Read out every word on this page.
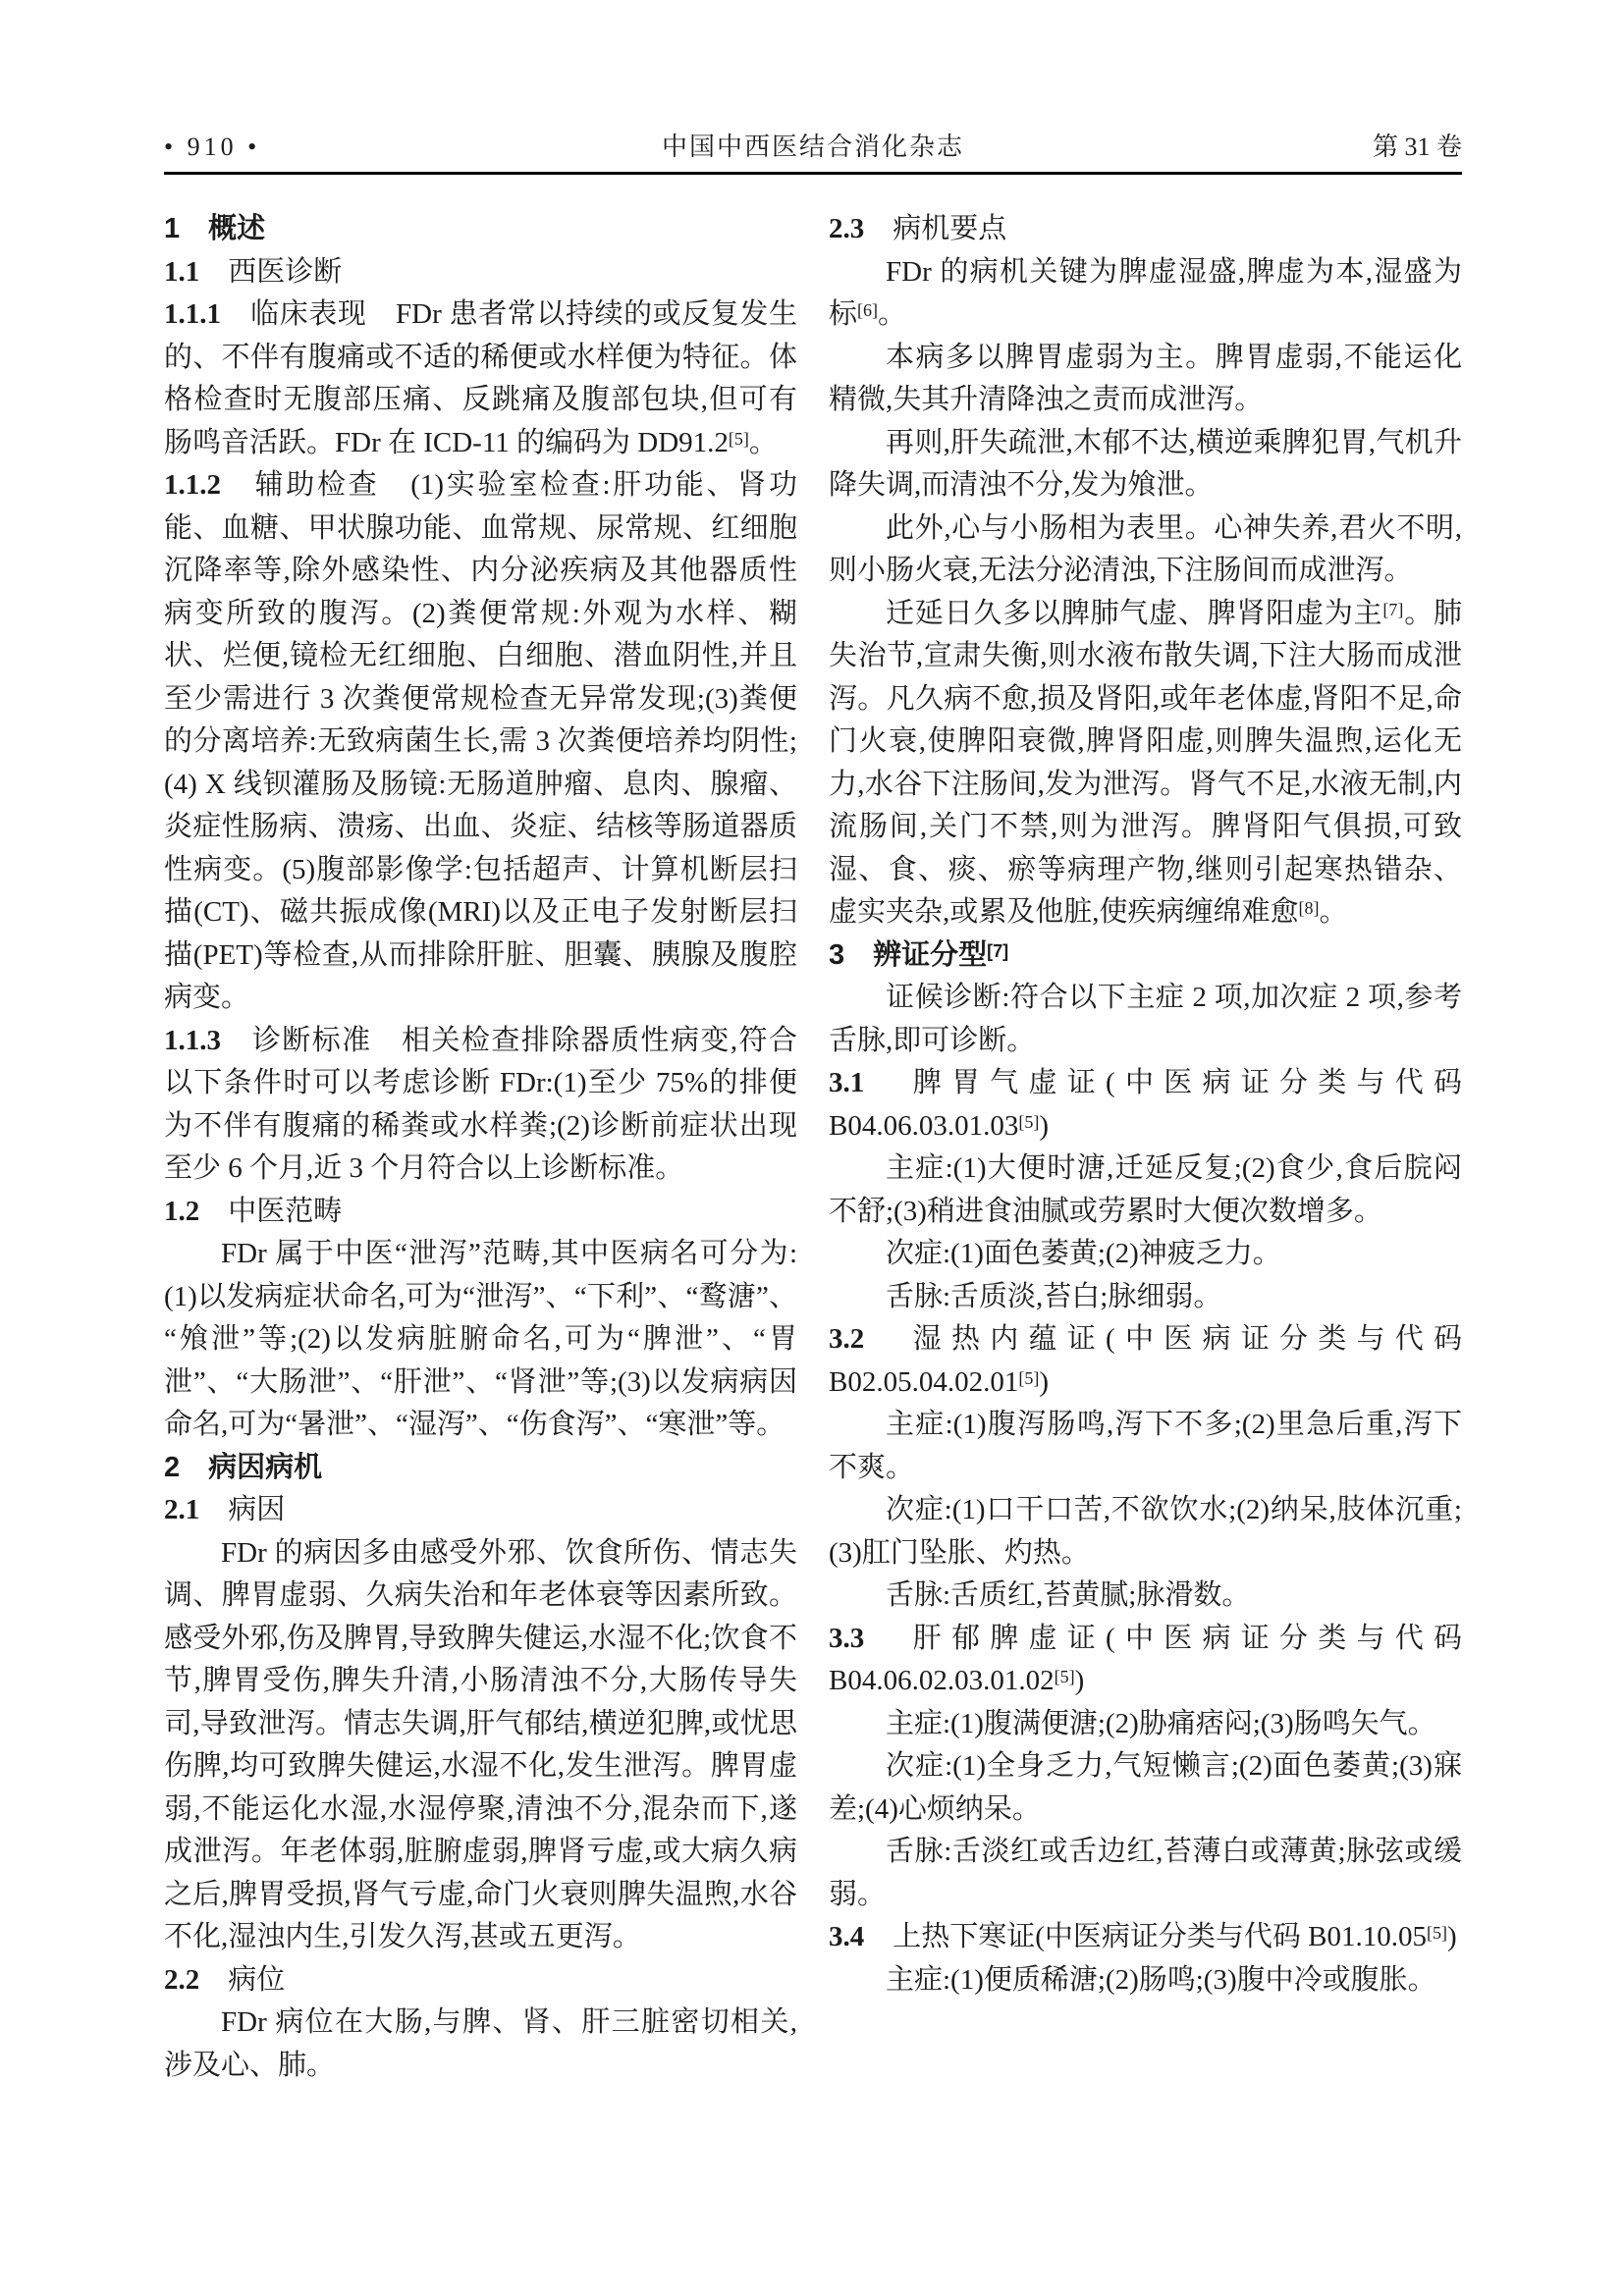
• 910 •	中国中西医结合消化杂志	第 31 卷
1　概述
1.1　西医诊断
1.1.1　临床表现　FDr 患者常以持续的或反复发生的、不伴有腹痛或不适的稀便或水样便为特征。体格检查时无腹部压痛、反跳痛及腹部包块,但可有肠鸣音活跃。FDr 在 ICD-11 的编码为 DD91.2[5]。
1.1.2　辅助检查　(1)实验室检查:肝功能、肾功能、血糖、甲状腺功能、血常规、尿常规、红细胞沉降率等,除外感染性、内分泌疾病及其他器质性病变所致的腹泻。(2)粪便常规:外观为水样、糊状、烂便,镜检无红细胞、白细胞、潜血阴性,并且至少需进行 3 次粪便常规检查无异常发现;(3)粪便的分离培养:无致病菌生长,需 3 次粪便培养均阴性;(4) X 线钡灌肠及肠镜:无肠道肿瘤、息肉、腺瘤、炎症性肠病、溃疡、出血、炎症、结核等肠道器质性病变。(5)腹部影像学:包括超声、计算机断层扫描(CT)、磁共振成像(MRI)以及正电子发射断层扫描(PET)等检查,从而排除肝脏、胆囊、胰腺及腹腔病变。
1.1.3　诊断标准　相关检查排除器质性病变,符合以下条件时可以考虑诊断 FDr:(1)至少 75%的排便为不伴有腹痛的稀粪或水样粪;(2)诊断前症状出现至少 6 个月,近 3 个月符合以上诊断标准。
1.2　中医范畴
FDr 属于中医“泄泻”范畴,其中医病名可分为:(1)以发病症状命名,可为“泄泻”、“下利”、“鹜溏”、“飧泄”等;(2)以发病脏腑命名,可为“脾泄”、“胃泄”、“大肠泄”、“肝泄”、“肾泄”等;(3)以发病病因命名,可为“暑泄”、“湿泻”、“伤食泻”、“寒泄”等。
2　病因病机
2.1　病因
FDr 的病因多由感受外邪、饮食所伤、情志失调、脾胃虚弱、久病失治和年老体衰等因素所致。感受外邪,伤及脾胃,导致脾失健运,水湿不化;饮食不节,脾胃受伤,脾失升清,小肠清浊不分,大肠传导失司,导致泄泻。情志失调,肝气郁结,横逆犯脾,或忧思伤脾,均可致脾失健运,水湿不化,发生泄泻。脾胃虚弱,不能运化水湿,水湿停聚,清浊不分,混杂而下,遂成泄泻。年老体弱,脏腑虚弱,脾肾亏虚,或大病久病之后,脾胃受损,肾气亏虚,命门火衰则脾失温煦,水谷不化,湿浊内生,引发久泻,甚或五更泻。
2.2　病位
FDr 病位在大肠,与脾、肾、肝三脏密切相关,涉及心、肺。
2.3　病机要点
FDr 的病机关键为脾虚湿盛,脾虚为本,湿盛为标[6]。
本病多以脾胃虚弱为主。脾胃虚弱,不能运化精微,失其升清降浊之责而成泄泻。
再则,肝失疏泄,木郁不达,横逆乘脾犯胃,气机升降失调,而清浊不分,发为飧泄。
此外,心与小肠相为表里。心神失养,君火不明,则小肠火衰,无法分泌清浊,下注肠间而成泄泻。
迁延日久多以脾肺气虚、脾肾阳虚为主[7]。肺失治节,宣肃失衡,则水液布散失调,下注大肠而成泄泻。凡久病不愈,损及肾阳,或年老体虚,肾阳不足,命门火衰,使脾阳衰微,脾肾阳虚,则脾失温煦,运化无力,水谷下注肠间,发为泄泻。肾气不足,水液无制,内流肠间,关门不禁,则为泄泻。脾肾阳气俱损,可致湿、食、痰、瘀等病理产物,继则引起寒热错杂、虚实夹杂,或累及他脏,使疾病缠绵难愈[8]。
3　辨证分型[7]
证候诊断:符合以下主症 2 项,加次症 2 项,参考舌脉,即可诊断。
3.1　脾胃气虚证(中医病证分类与代码 B04.06.03.01.03[5])
主症:(1)大便时溏,迁延反复;(2)食少,食后脘闷不舒;(3)稍进食油腻或劳累时大便次数增多。
次症:(1)面色萎黄;(2)神疲乏力。
舌脉:舌质淡,苔白;脉细弱。
3.2　湿热内蕴证(中医病证分类与代码 B02.05.04.02.01[5])
主症:(1)腹泻肠鸣,泻下不多;(2)里急后重,泻下不爽。
次症:(1)口干口苦,不欲饮水;(2)纳呆,肢体沉重;(3)肛门坠胀、灼热。
舌脉:舌质红,苔黄腻;脉滑数。
3.3　肝郁脾虚证(中医病证分类与代码 B04.06.02.03.01.02[5])
主症:(1)腹满便溏;(2)胁痛痞闷;(3)肠鸣矢气。
次症:(1)全身乏力,气短懒言;(2)面色萎黄;(3)寐差;(4)心烦纳呆。
舌脉:舌淡红或舌边红,苔薄白或薄黄;脉弦或缓弱。
3.4　上热下寒证(中医病证分类与代码 B01.10.05[5])
主症:(1)便质稀溏;(2)肠鸣;(3)腹中冷或腹胀。
